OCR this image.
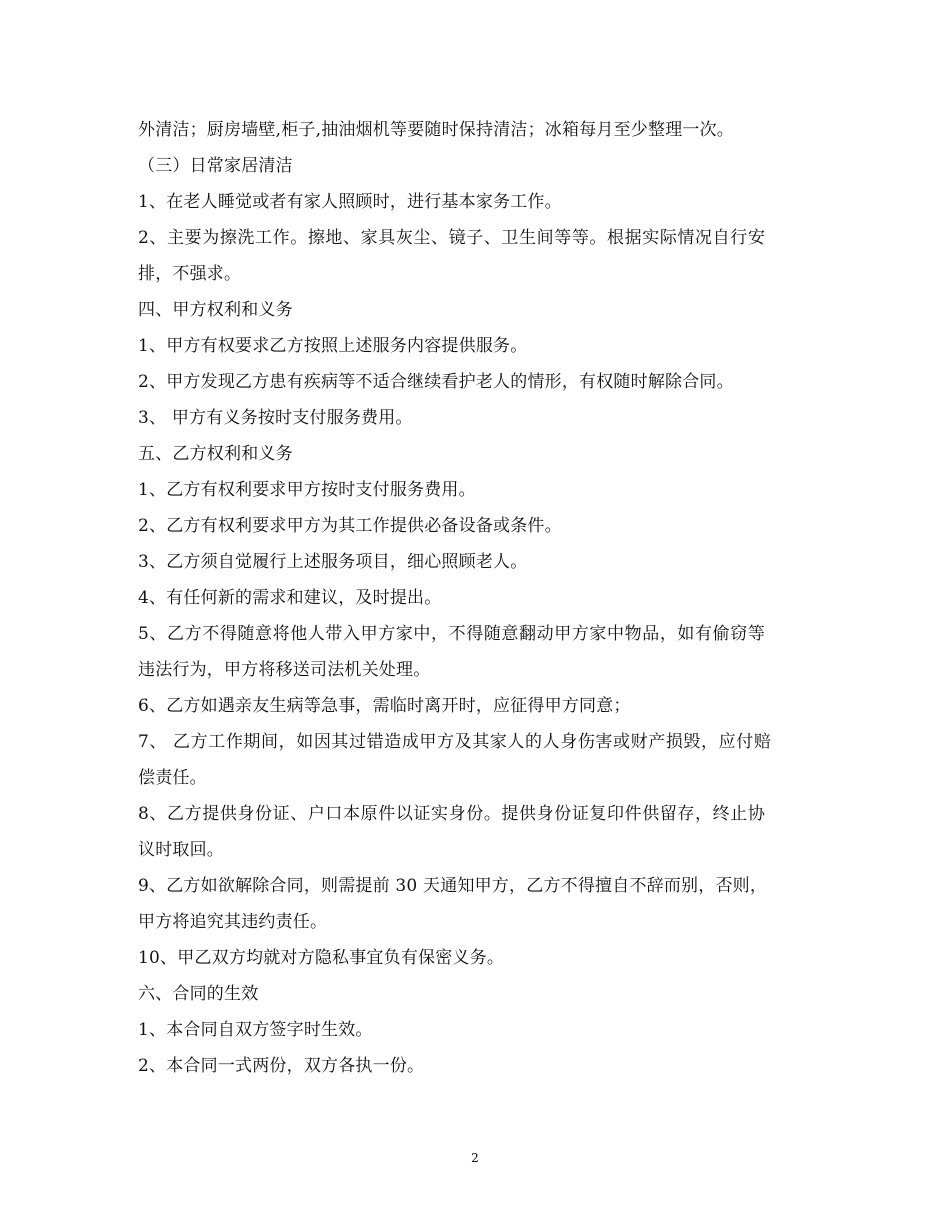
外清洁；厨房墙壁,柜子,抽油烟机等要随时保持清洁；冰箱每月至少整理一次。
（三）日常家居清洁
1、在老人睡觉或者有家人照顾时，进行基本家务工作。
2、主要为擦洗工作。擦地、家具灰尘、镜子、卫生间等等。根据实际情况自行安
排，不强求。
四、甲方权利和义务
1、甲方有权要求乙方按照上述服务内容提供服务。
2、甲方发现乙方患有疾病等不适合继续看护老人的情形，有权随时解除合同。
3、 甲方有义务按时支付服务费用。
五、乙方权利和义务
1、乙方有权利要求甲方按时支付服务费用。
2、乙方有权利要求甲方为其工作提供必备设备或条件。
3、乙方须自觉履行上述服务项目，细心照顾老人。
4、有任何新的需求和建议，及时提出。
5、乙方不得随意将他人带入甲方家中，不得随意翻动甲方家中物品，如有偷窃等
违法行为，甲方将移送司法机关处理。
6、乙方如遇亲友生病等急事，需临时离开时，应征得甲方同意；
7、 乙方工作期间，如因其过错造成甲方及其家人的人身伤害或财产损毁，应付赔
偿责任。
8、乙方提供身份证、户口本原件以证实身份。提供身份证复印件供留存，终止协
议时取回。
9、乙方如欲解除合同，则需提前 30 天通知甲方，乙方不得擅自不辞而别，否则，
甲方将追究其违约责任。
10、甲乙双方均就对方隐私事宜负有保密义务。
六、合同的生效
1、本合同自双方签字时生效。
2、本合同一式两份，双方各执一份。
2
